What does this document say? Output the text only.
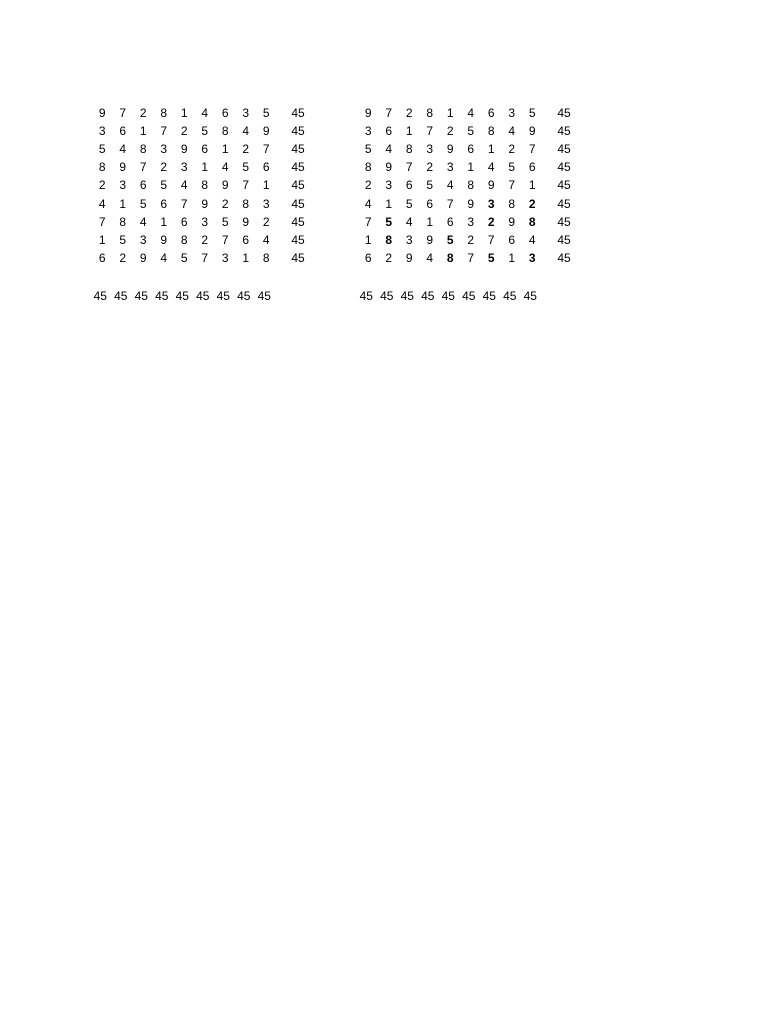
9	7	2	8	1	4	6	3	5	45
3	6	1	7	2	5	8	4	9	45
5	4	8	3	9	6	1	2	7	45
8	9	7	2	3	1	4	5	6	45
2	3	6	5	4	8	9	7	1	45
4	1	5	6	7	9	2	8	3	45
7	8	4	1	6	3	5	9	2	45
1	5	3	9	8	2	7	6	4	45
6	2	9	4	5	7	3	1	8	45
45 45 45 45 45 45 45 45 45
9	7	2	8	1	4	6	3	5	45
3	6	1	7	2	5	8	4	9	45
5	4	8	3	9	6	1	2	7	45
8	9	7	2	3	1	4	5	6	45
2	3	6	5	4	8	9	7	1	45
4	1	5	6	7	9	3	8	2	45
7	5	4	1	6	3	2	9	8	45
1	8	3	9	5	2	7	6	4	45
6	2	9	4	8	7	5	1	3	45
45 45 45 45 45 45 45 45 45
